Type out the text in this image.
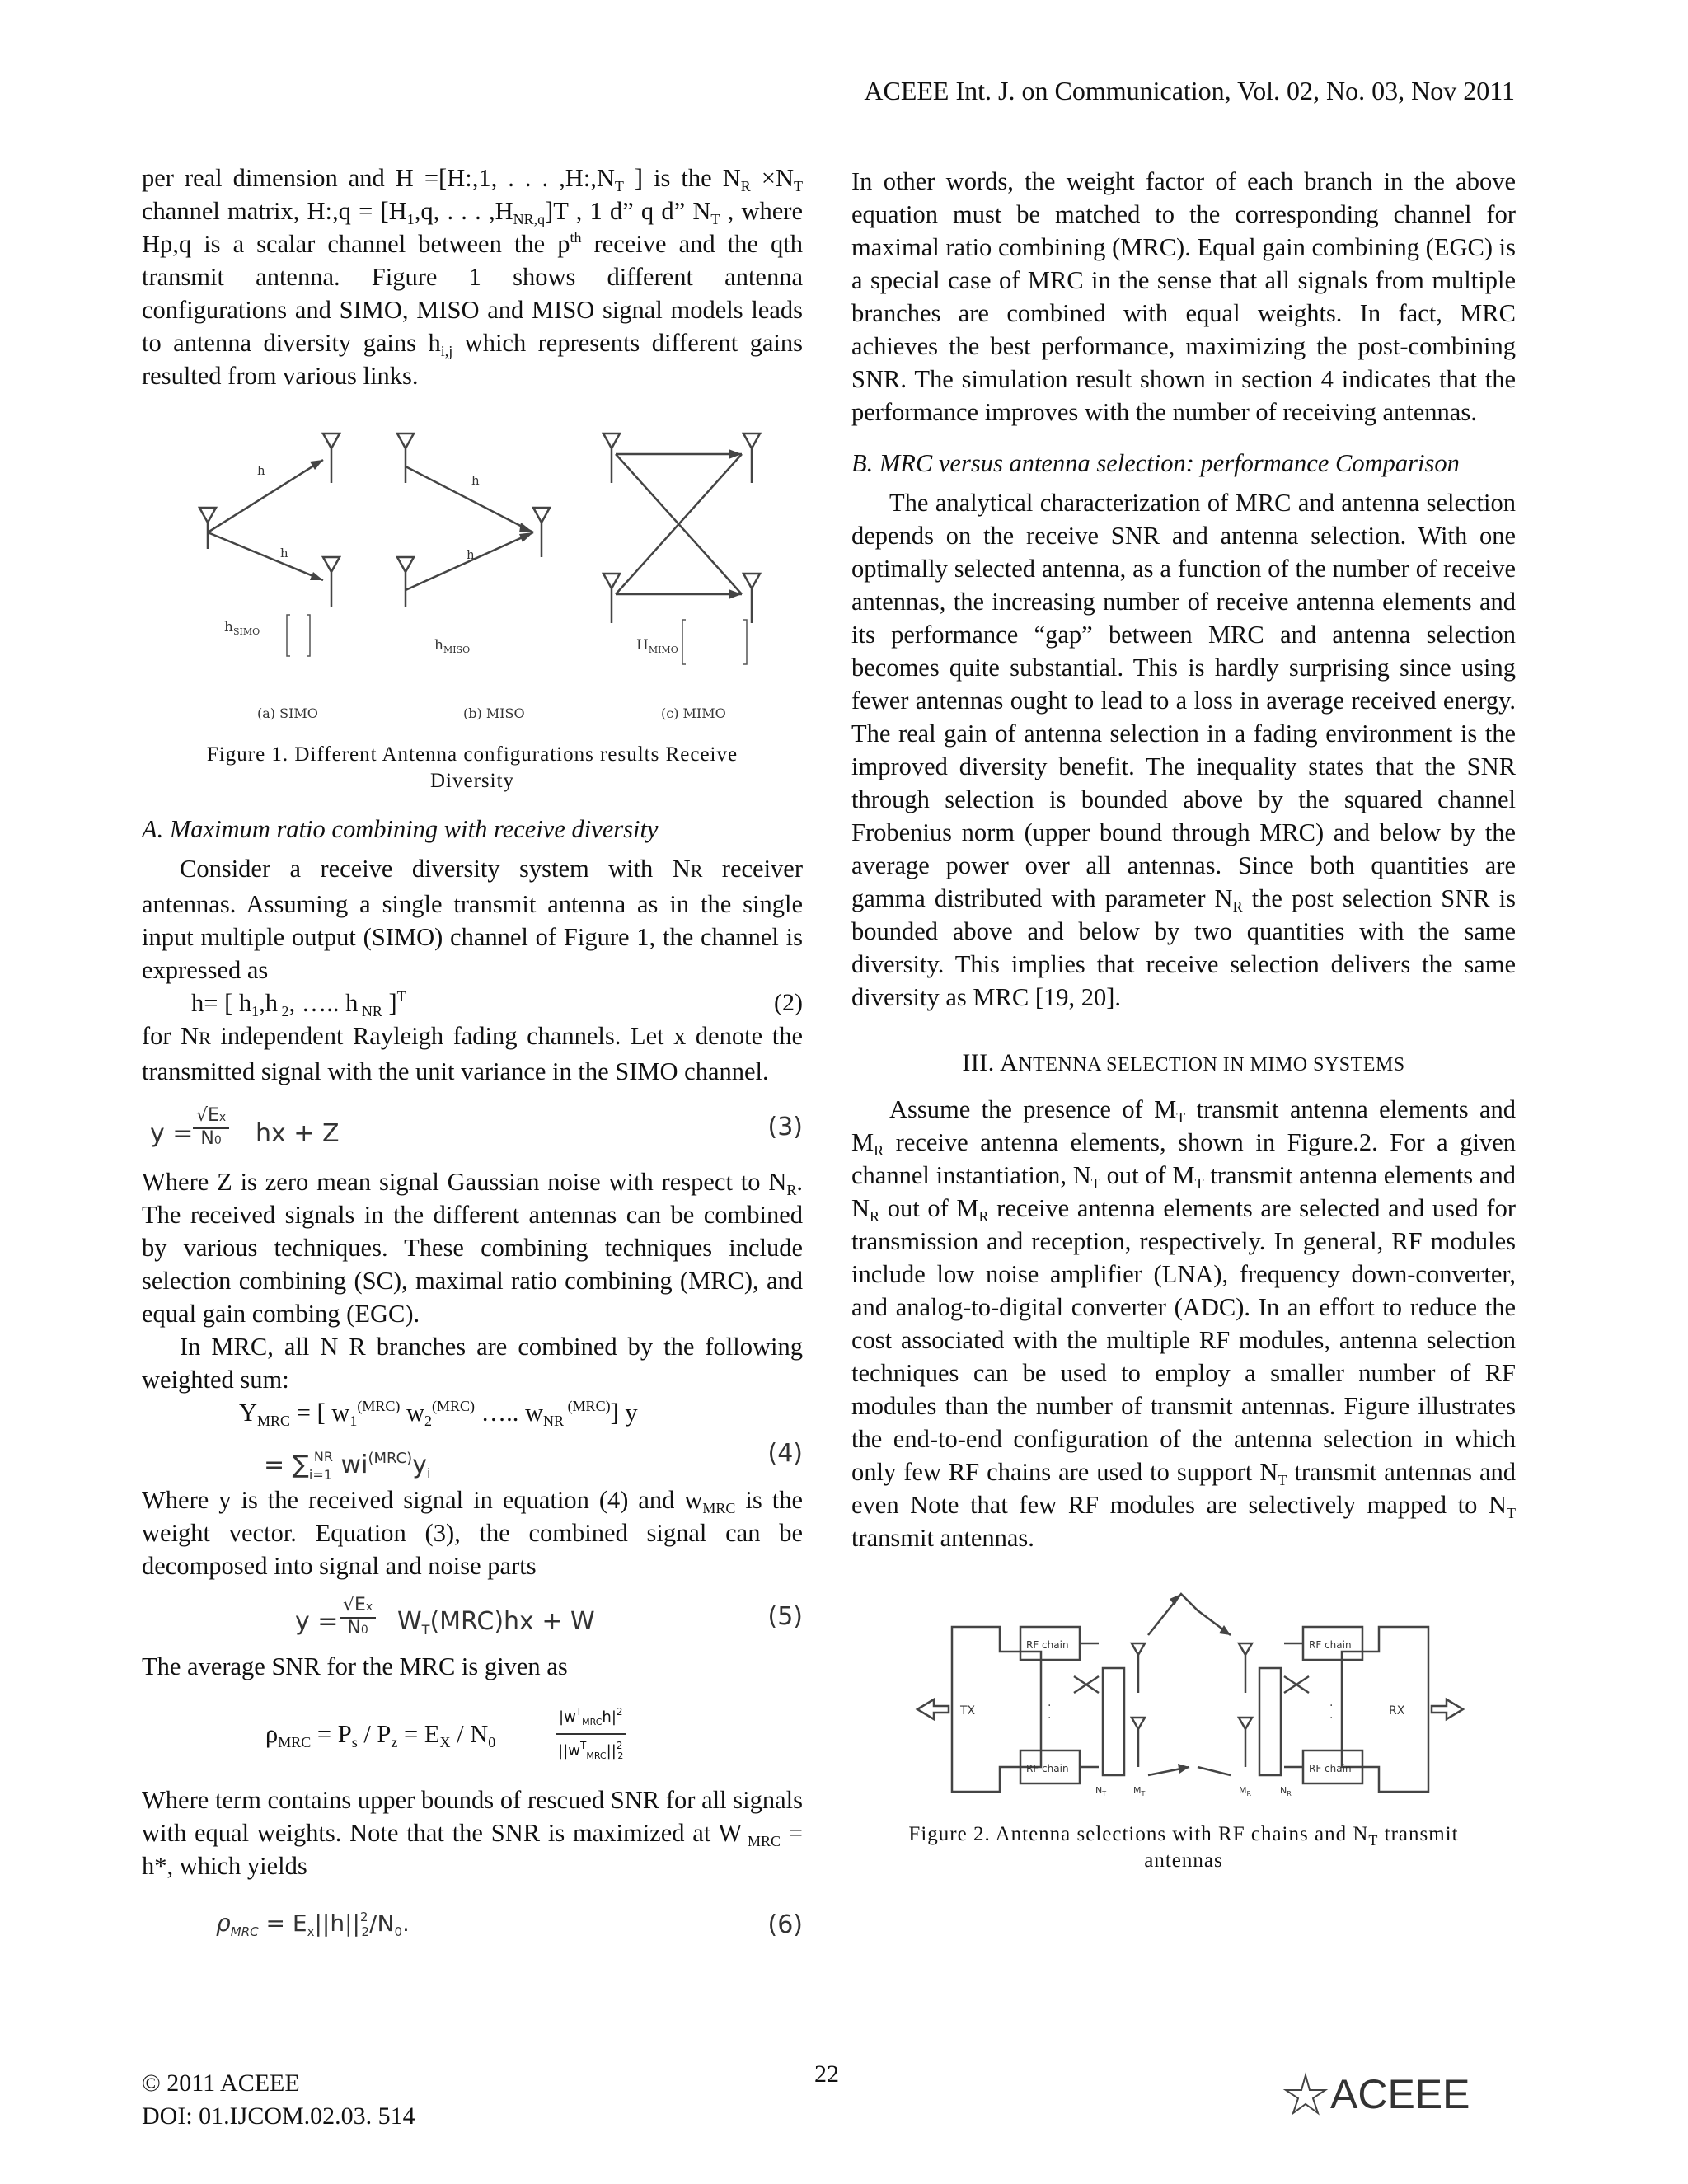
ACEEE Int. J. on Communication, Vol. 02, No. 03, Nov 2011

per real dimension and H =[H:,1, . . . $,H:,N_T$ ] is the $N_R \times N_T$ channel matrix, H:,q = [$H_1,q$, . . . $,H_{NR,q}]T$ , 1 d” q d” $N_T$ , where Hp,q is a scalar channel between the $p^{th}$ receive and the qth transmit antenna. Figure 1 shows different antenna configurations and SIMO, MISO and MISO signal models leads to antenna diversity gains $h_{i,j}$ which represents different gains resulted from various links.

h
h
h
h
$h_{SIMO}$
$h_{MISO}$	$H_{MIMO}$
(a) SIMO	(b) MISO	(c) MIMO
Figure 1. Different Antenna configurations results Receive Diversity

A. Maximum ratio combining with receive diversity

Consider a receive diversity system with NR receiver antennas. Assuming a single transmit antenna as in the single input multiple output (SIMO) channel of Figure 1, the channel is expressed as

h= [ $h_1,h$ $_2$, ….. h $_{NR}$ ]$^T$	(2)

for NR independent Rayleigh fading channels. Let x denote the transmitted signal with the unit variance in the SIMO channel.

$y = \frac{√Ex}{N0}$ hx + Z	(3)

Where Z is zero mean signal Gaussian noise with respect to $N_R$. The received signals in the different antennas can be combined by various techniques. These combining techniques include selection combining (SC), maximal ratio combining (MRC), and equal gain combing (EGC).

In MRC, all N R branches are combined by the following weighted sum:

$Y_{MRC}$ = [ $w_1^{(MRC)}$ $w_2^{(MRC)}$ ….. $w_{NR}$ $^{(MRC)}$] y
= $\sum_{i=1}^{NR}$ $wi^{(MRC)}y_i$
(4)

Where y is the received signal in equation (4) and $w_{MRC}$ is the weight vector. Equation (3), the combined signal can be decomposed into signal and noise parts

$y = \frac{√Ex}{N0} W_T(MRC)hx + W$	(5)

The average SNR for the MRC is given as

$\rho_{MRC} = P_s / P_z = E_X / N_0$
$|w^T_{MRC}h|^2$
$||w^T_{MRC}||^2_2$

Where term contains upper bounds of rescued SNR for all signals with equal weights. Note that the SNR is maximized at W $_{MRC}$ = h*, which yields

$\rho_{MRC} = E_x||h||^2_2/N_0$.	(6)

In other words, the weight factor of each branch in the above equation must be matched to the corresponding channel for maximal ratio combining (MRC). Equal gain combining (EGC) is a special case of MRC in the sense that all signals from multiple branches are combined with equal weights. In fact, MRC achieves the best performance, maximizing the post-combining SNR. The simulation result shown in section 4 indicates that the performance improves with the number of receiving antennas.

B. MRC versus antenna selection: performance Comparison

The analytical characterization of MRC and antenna selection depends on the receive SNR and antenna selection. With one optimally selected antenna, as a function of the number of receive antennas, the increasing number of receive antenna elements and its performance “gap” between MRC and antenna selection becomes quite substantial. This is hardly surprising since using fewer antennas ought to lead to a loss in average received energy. The real gain of antenna selection in a fading environment is the improved diversity benefit. The inequality states that the SNR through selection is bounded above by the squared channel Frobenius norm (upper bound through MRC) and below by the average power over all antennas. Since both quantities are gamma distributed with parameter $N_R$ the post selection SNR is bounded above and below by two quantities with the same diversity. This implies that receive selection delivers the same diversity as MRC [19, 20].

III. ANTENNA SELECTION IN MIMO SYSTEMS

Assume the presence of $M_T$ transmit antenna elements and $M_R$ receive antenna elements, shown in Figure.2. For a given channel instantiation, $N_T$ out of $M_T$ transmit antenna elements and $N_R$ out of $M_R$ receive antenna elements are selected and used for transmission and reception, respectively. In general, RF modules include low noise amplifier (LNA), frequency down-converter, and analog-to-digital converter (ADC). In an effort to reduce the cost associated with the multiple RF modules, antenna selection techniques can be used to employ a smaller number of RF modules than the number of transmit antennas. Figure illustrates the end-to-end configuration of the antenna selection in which only few RF chains are used to support $N_T$ transmit antennas and even Note that few RF modules are selectively mapped to $N_T$ transmit antennas.

TX	RX
RF chain
RF chain
RF chain
RF chain
$N_T$	$M_T$	$M_R$	$N_R$
·
·
·
·
Figure 2. Antenna selections with RF chains and $N_T$ transmit antennas
© 2011 ACEEE
DOI: 01.IJCOM.02.03. 514
22	ACEEE
